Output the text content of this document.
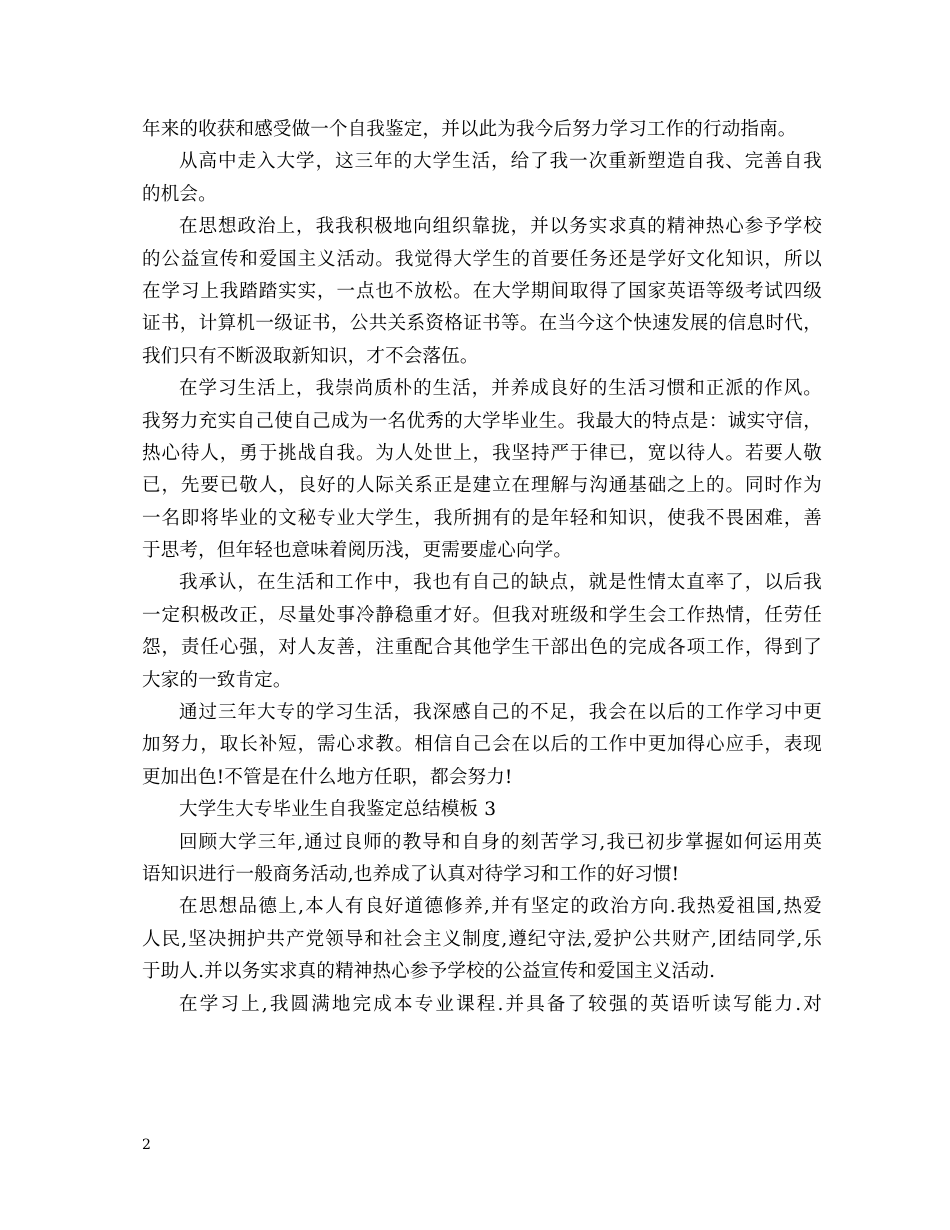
年来的收获和感受做一个自我鉴定，并以此为我今后努力学习工作的行动指南。
从高中走入大学，这三年的大学生活，给了我一次重新塑造自我、完善自我
的机会。
在思想政治上，我我积极地向组织靠拢，并以务实求真的精神热心参予学校
的公益宣传和爱国主义活动。我觉得大学生的首要任务还是学好文化知识，所以
在学习上我踏踏实实，一点也不放松。在大学期间取得了国家英语等级考试四级
证书，计算机一级证书，公共关系资格证书等。在当今这个快速发展的信息时代，
我们只有不断汲取新知识，才不会落伍。
在学习生活上，我崇尚质朴的生活，并养成良好的生活习惯和正派的作风。
我努力充实自己使自己成为一名优秀的大学毕业生。我最大的特点是：诚实守信，
热心待人，勇于挑战自我。为人处世上，我坚持严于律已，宽以待人。若要人敬
已，先要已敬人，良好的人际关系正是建立在理解与沟通基础之上的。同时作为
一名即将毕业的文秘专业大学生，我所拥有的是年轻和知识，使我不畏困难，善
于思考，但年轻也意味着阅历浅，更需要虚心向学。
我承认，在生活和工作中，我也有自己的缺点，就是性情太直率了，以后我
一定积极改正，尽量处事冷静稳重才好。但我对班级和学生会工作热情，任劳任
怨，责任心强，对人友善，注重配合其他学生干部出色的完成各项工作，得到了
大家的一致肯定。
通过三年大专的学习生活，我深感自己的不足，我会在以后的工作学习中更
加努力，取长补短，需心求教。相信自己会在以后的工作中更加得心应手，表现
更加出色!不管是在什么地方任职，都会努力!
大学生大专毕业生自我鉴定总结模板 3
回顾大学三年,通过良师的教导和自身的刻苦学习,我已初步掌握如何运用英
语知识进行一般商务活动,也养成了认真对待学习和工作的好习惯!
在思想品德上,本人有良好道德修养,并有坚定的政治方向.我热爱祖国,热爱
人民,坚决拥护共产党领导和社会主义制度,遵纪守法,爱护公共财产,团结同学,乐
于助人.并以务实求真的精神热心参予学校的公益宣传和爱国主义活动.
在学习上,我圆满地完成本专业课程.并具备了较强的英语听读写能力.对
2
